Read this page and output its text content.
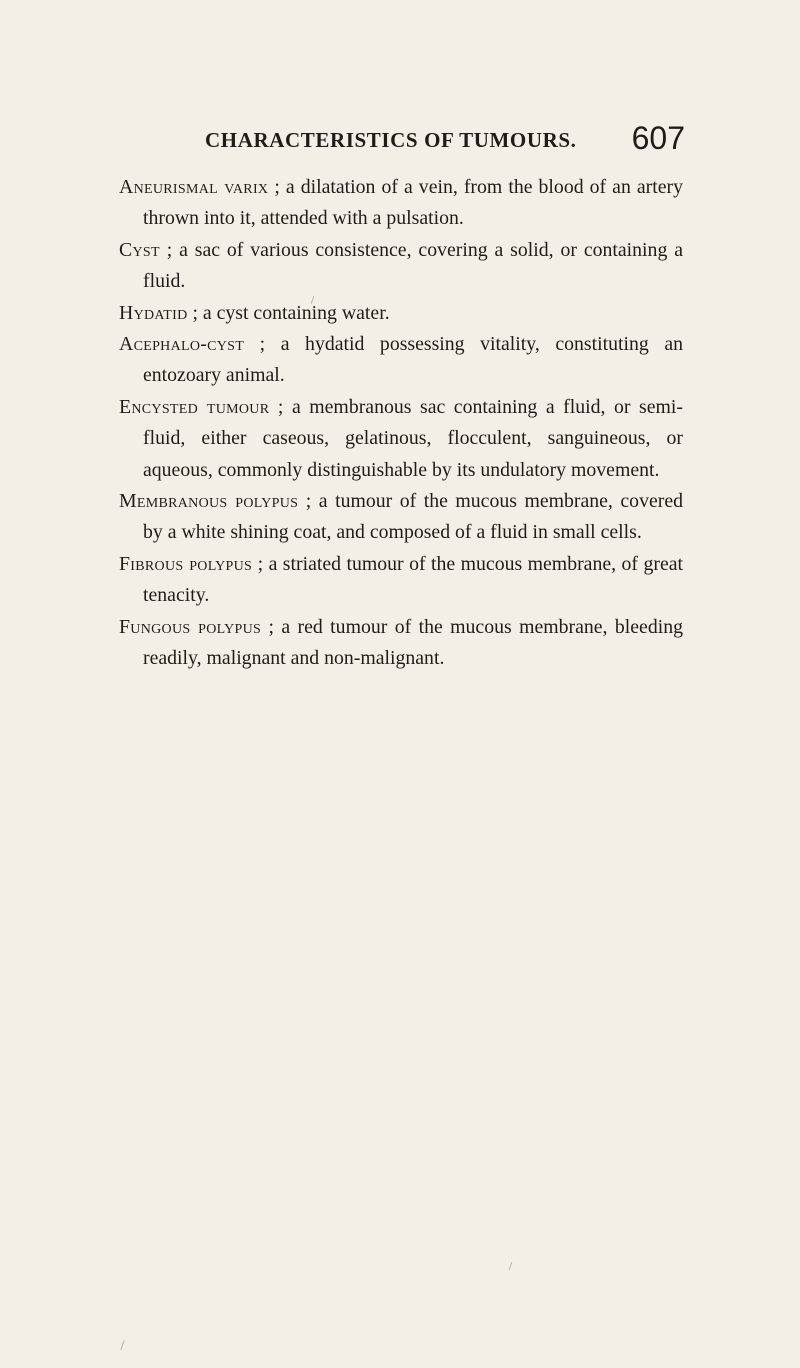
CHARACTERISTICS OF TUMOURS. 607

Aneurismal varix ; a dilatation of a vein, from the blood of an artery thrown into it, attended with a pulsation.

Cyst ; a sac of various consistence, covering a solid, or containing a fluid.

Hydatid ; a cyst containing water.

Acephalo-cyst ; a hydatid possessing vitality, constituting an entozoary animal.

Encysted tumour ; a membranous sac containing a fluid, or semi-fluid, either caseous, gelatinous, flocculent, sanguineous, or aqueous, commonly distinguishable by its undulatory movement.

Membranous polypus ; a tumour of the mucous membrane, covered by a white shining coat, and composed of a fluid in small cells.

Fibrous polypus ; a striated tumour of the mucous membrane, of great tenacity.

Fungous polypus ; a red tumour of the mucous membrane, bleeding readily, malignant and non-malignant.
